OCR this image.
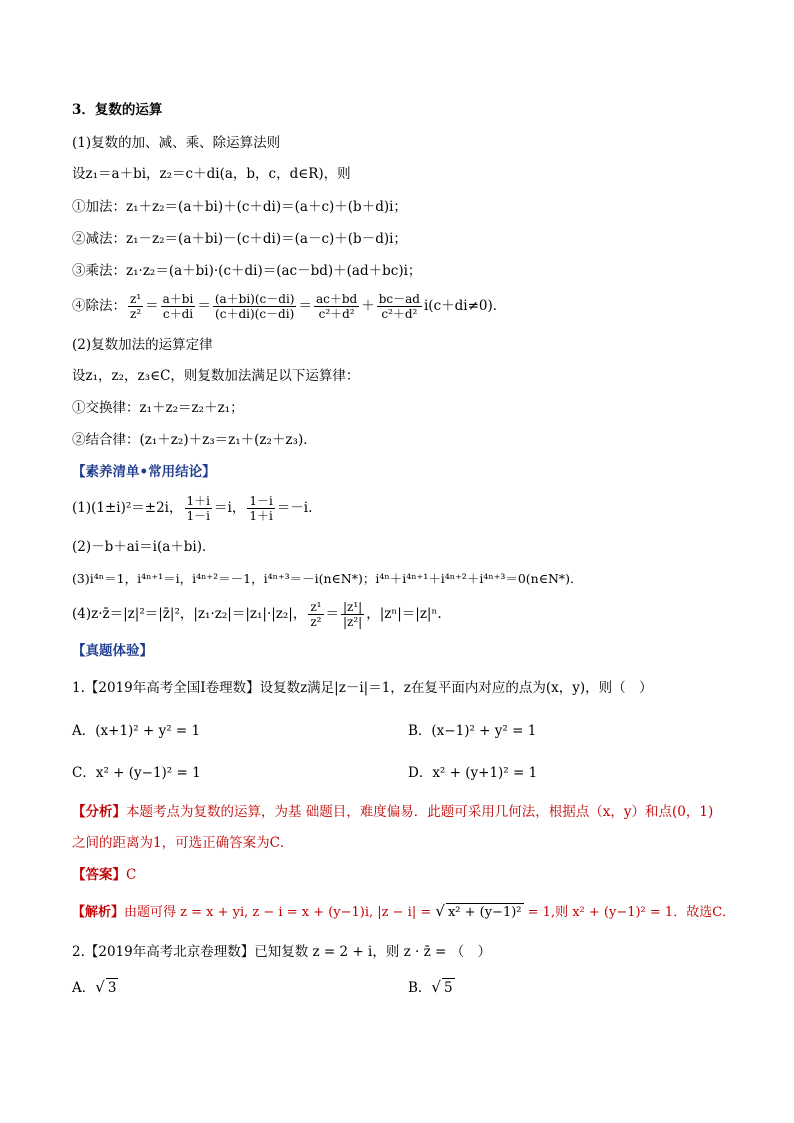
3．复数的运算
(1)复数的加、减、乘、除运算法则
设z₁＝a＋bi，z₂＝c＋di(a，b，c，d∈R)，则
①加法：z₁＋z₂＝(a＋bi)＋(c＋di)＝(a＋c)＋(b＋d)i；
②减法：z₁－z₂＝(a＋bi)－(c＋di)＝(a－c)＋(b－d)i；
③乘法：z₁·z₂＝(a＋bi)·(c＋di)＝(ac－bd)＋(ad＋bc)i；
④除法： $\frac{\text{z¹}}{\text{z²}} = \frac{a+bi}{c+di} = \frac{(a+bi)(c-di)}{(c+di)(c-di)} = \frac{ac+bd}{\text{c²＋d²}} + \frac{bc-ad}{\text{c²＋d²}} i(c+di\ne 0)$．
(2)复数加法的运算定律
设z₁，z₂，z₃∈C，则复数加法满足以下运算律：
①交换律：z₁＋z₂＝z₂＋z₁；
②结合律：(z₁＋z₂)＋z₃＝z₁＋(z₂＋z₃)．
【素养清单•常用结论】
(1)(1±i)²＝±2i， $\frac{1+i}{1-i} =i$， $\frac{1-i}{1+i} =-i$.
(2)－b＋ai＝i(a＋bi)．
(3)i⁴ⁿ＝1，i⁴ⁿ⁺¹＝i，i⁴ⁿ⁺²＝－1，i⁴ⁿ⁺³＝－i(n∈N*)；i⁴ⁿ＋i⁴ⁿ⁺¹＋i⁴ⁿ⁺²＋i⁴ⁿ⁺³＝0(n∈N*)．
(4)z·z̄＝|z|²＝|z̄|²，|z₁·z₂|＝|z₁|·|z₂|， $\frac{\text{z¹}}{\text{z²}} = \frac{\text{|z¹|}}{\text{|z²|}}$ ，|zⁿ|＝|z|ⁿ.
【真题体验】
1.【2019年高考全国Ⅰ卷理数】设复数z满足|z－i|＝1，z在复平面内对应的点为(x，y)，则（　）
A．(x+1)² + y² = 1	B．(x−1)² + y² = 1
C．x² + (y−1)² = 1	D．x² + (y+1)² = 1
【分析】本题考点为复数的运算，为基 础题目，难度偏易．此题可采用几何法，根据点（x，y）和点(0，1)
之间的距离为1，可选正确答案为C．
【答案】C
【解析】由题可得 z = x + yi, z − i = x + (y−1)i, |z − i| = √ x² + (y−1)² = 1,则 x² + (y−1)² = 1．故选C．
2.【2019年高考北京卷理数】已知复数 z = 2 + i，则 z · z̄ = （　）
A．√ 3	B．√ 5
